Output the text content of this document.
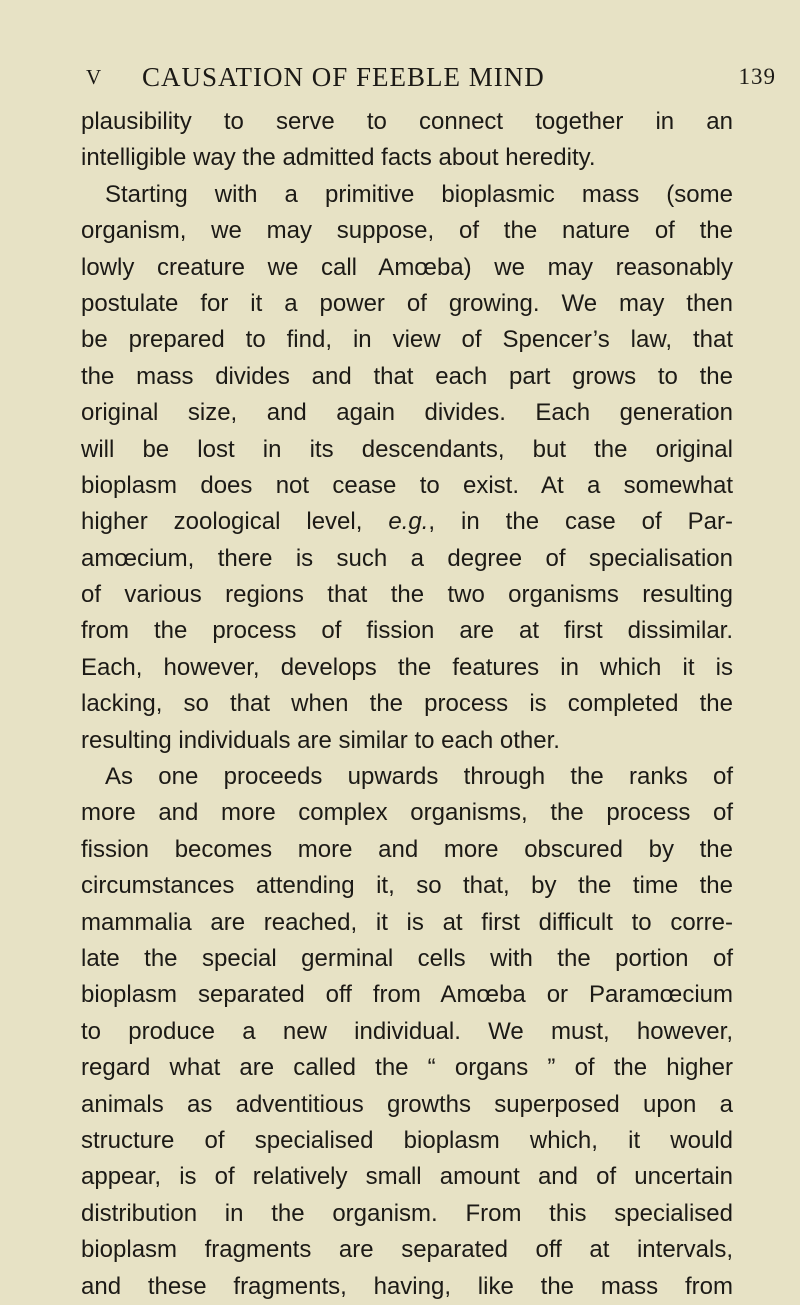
V CAUSATION OF FEEBLE MIND	139
plausibility to serve to connect together in an
intelligible way the admitted facts about heredity.
Starting with a primitive bioplasmic mass (some
organism, we may suppose, of the nature of the
lowly creature we call Amœba) we may reasonably
postulate for it a power of growing. We may then
be prepared to find, in view of Spencer’s law, that
the mass divides and that each part grows to the
original size, and again divides. Each generation
will be lost in its descendants, but the original
bioplasm does not cease to exist. At a somewhat
higher zoological level, e.g., in the case of Par-
amœcium, there is such a degree of specialisation
of various regions that the two organisms resulting
from the process of fission are at first dissimilar.
Each, however, develops the features in which it is
lacking, so that when the process is completed the
resulting individuals are similar to each other.
As one proceeds upwards through the ranks of
more and more complex organisms, the process of
fission becomes more and more obscured by the
circumstances attending it, so that, by the time the
mammalia are reached, it is at first difficult to corre-
late the special germinal cells with the portion of
bioplasm separated off from Amœba or Paramœcium
to produce a new individual. We must, however,
regard what are called the “ organs ” of the higher
animals as adventitious growths superposed upon a
structure of specialised bioplasm which, it would
appear, is of relatively small amount and of uncertain
distribution in the organism. From this specialised
bioplasm fragments are separated off at intervals,
and these fragments, having, like the mass from
